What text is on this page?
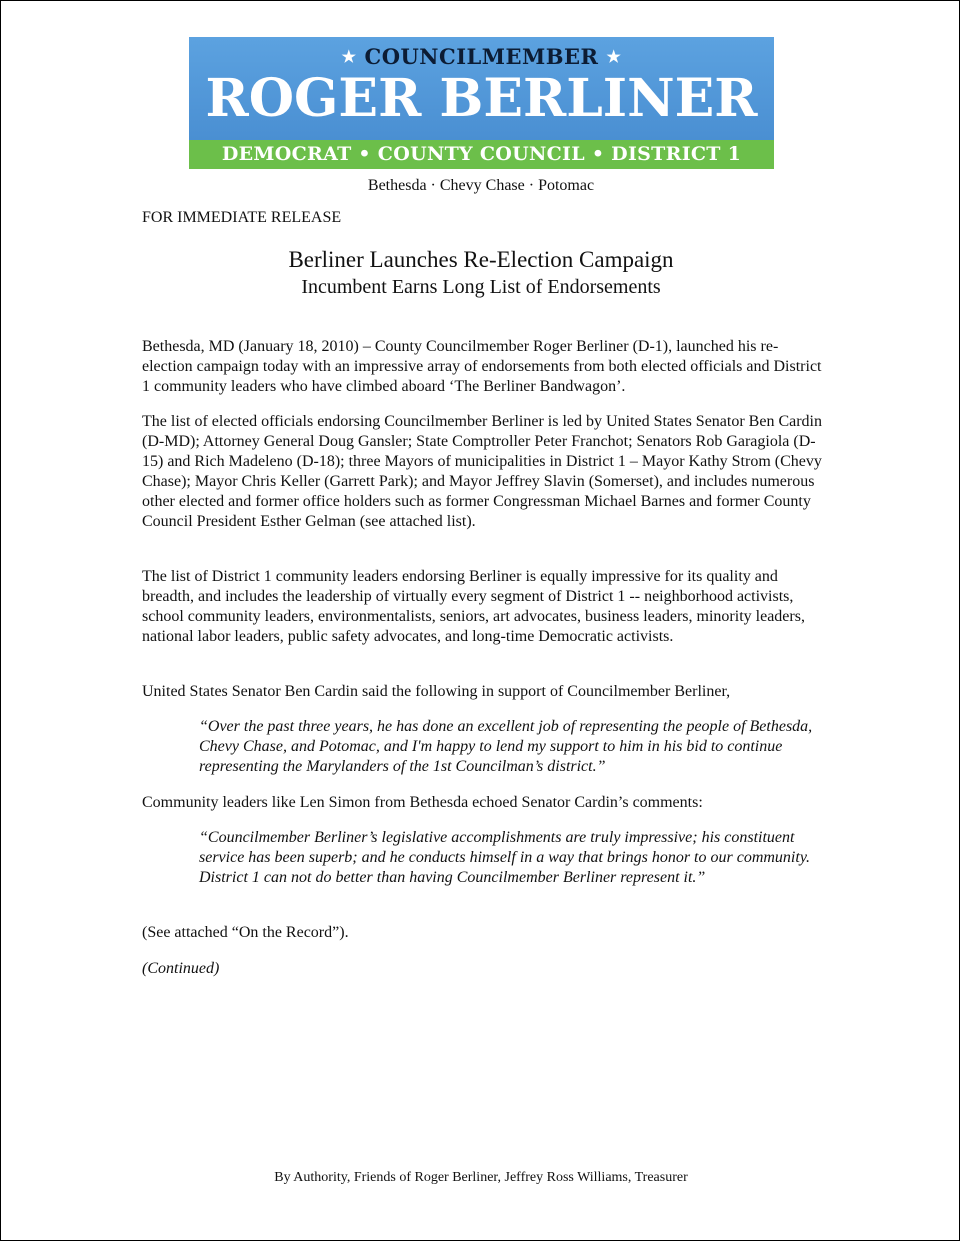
★ COUNCILMEMBER ★
ROGER BERLINER
DEMOCRAT • COUNTY COUNCIL • DISTRICT 1
Bethesda · Chevy Chase · Potomac
FOR IMMEDIATE RELEASE
Berliner Launches Re-Election Campaign
Incumbent Earns Long List of Endorsements

Bethesda, MD (January 18, 2010) – County Councilmember Roger Berliner (D-1), launched his re-election campaign today with an impressive array of endorsements from both elected officials and District 1 community leaders who have climbed aboard ‘The Berliner Bandwagon’.

The list of elected officials endorsing Councilmember Berliner is led by United States Senator Ben Cardin (D-MD); Attorney General Doug Gansler; State Comptroller Peter Franchot; Senators Rob Garagiola (D-15) and Rich Madeleno (D-18); three Mayors of municipalities in District 1 – Mayor Kathy Strom (Chevy Chase); Mayor Chris Keller (Garrett Park); and Mayor Jeffrey Slavin (Somerset), and includes numerous other elected and former office holders such as former Congressman Michael Barnes and former County Council President Esther Gelman (see attached list).

The list of District 1 community leaders endorsing Berliner is equally impressive for its quality and breadth, and includes the leadership of virtually every segment of District 1 -- neighborhood activists, school community leaders, environmentalists, seniors, art advocates, business leaders, minority leaders, national labor leaders, public safety advocates, and long-time Democratic activists.

United States Senator Ben Cardin said the following in support of Councilmember Berliner,

“Over the past three years, he has done an excellent job of representing the people of Bethesda, Chevy Chase, and Potomac, and I'm happy to lend my support to him in his bid to continue representing the Marylanders of the 1st Councilman’s district.”
Community leaders like Len Simon from Bethesda echoed Senator Cardin’s comments:
“Councilmember Berliner’s legislative accomplishments are truly impressive; his constituent service has been superb; and he conducts himself in a way that brings honor to our community. District 1 can not do better than having Councilmember Berliner represent it.”
(See attached “On the Record”).
(Continued)
By Authority, Friends of Roger Berliner, Jeffrey Ross Williams, Treasurer
